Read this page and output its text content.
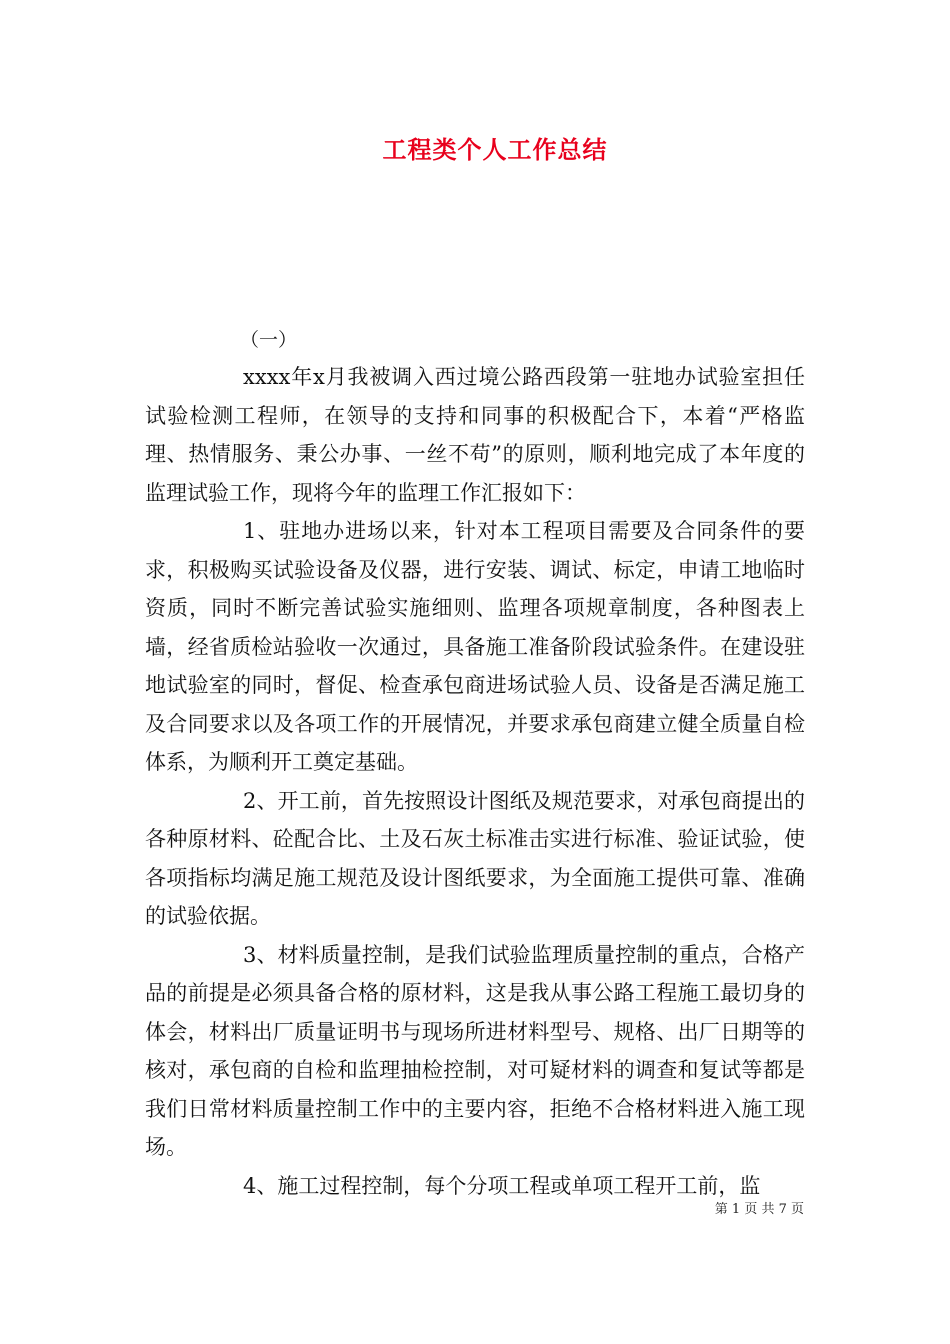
工程类个人工作总结

（一）

xxxx年x月我被调入西过境公路西段第一驻地办试验室担任试验检测工程师，在领导的支持和同事的积极配合下，本着“严格监理、热情服务、秉公办事、一丝不苟”的原则，顺利地完成了本年度的监理试验工作，现将今年的监理工作汇报如下：

1、驻地办进场以来，针对本工程项目需要及合同条件的要求，积极购买试验设备及仪器，进行安装、调试、标定，申请工地临时资质，同时不断完善试验实施细则、监理各项规章制度，各种图表上墙，经省质检站验收一次通过，具备施工准备阶段试验条件。在建设驻地试验室的同时，督促、检查承包商进场试验人员、设备是否满足施工及合同要求以及各项工作的开展情况，并要求承包商建立健全质量自检体系，为顺利开工奠定基础。

2、开工前，首先按照设计图纸及规范要求，对承包商提出的各种原材料、砼配合比、土及石灰土标准击实进行标准、验证试验，使各项指标均满足施工规范及设计图纸要求，为全面施工提供可靠、准确的试验依据。

3、材料质量控制，是我们试验监理质量控制的重点，合格产品的前提是必须具备合格的原材料，这是我从事公路工程施工最切身的体会，材料出厂质量证明书与现场所进材料型号、规格、出厂日期等的核对，承包商的自检和监理抽检控制，对可疑材料的调查和复试等都是我们日常材料质量控制工作中的主要内容，拒绝不合格材料进入施工现场。

4、施工过程控制，每个分项工程或单项工程开工前，监

第 1 页 共 7 页
